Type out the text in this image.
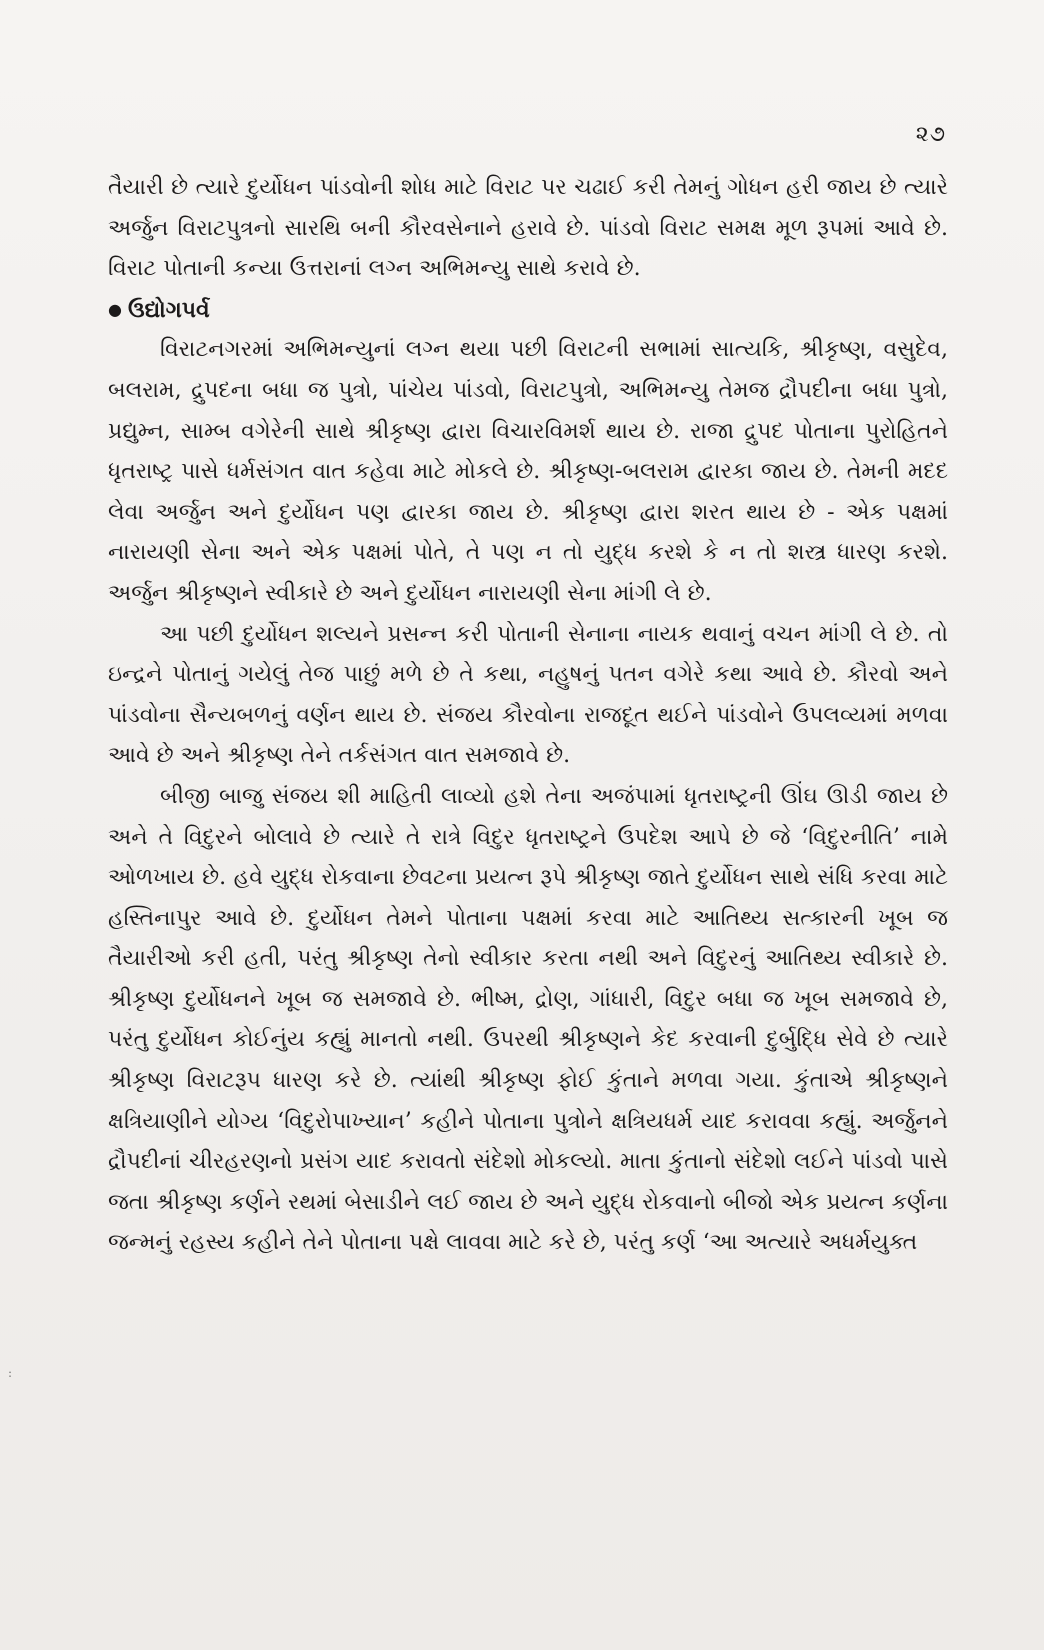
૨૭

તૈયારી છે ત્યારે દુર્યોધન પાંડવોની શોધ માટે વિરાટ પર ચઢાઈ કરી તેમનું ગોધન હરી જાય છે ત્યારે અર્જુન વિરાટપુત્રનો સારથિ બની કૌરવસેનાને હરાવે છે. પાંડવો વિરાટ સમક્ષ મૂળ રૂપમાં આવે છે. વિરાટ પોતાની કન્યા ઉત્તરાનાં લગ્ન અભિમન્યુ સાથે કરાવે છે.

● ઉદ્યોગપર્વ

વિરાટનગરમાં અભિમન્યુનાં લગ્ન થયા પછી વિરાટની સભામાં સાત્યકિ, શ્રીકૃષ્ણ, વસુદેવ, બલરામ, દ્રુપદના બધા જ પુત્રો, પાંચેય પાંડવો, વિરાટપુત્રો, અભિમન્યુ તેમજ દ્રૌપદીના બધા પુત્રો, પ્રદ્યુમ્ન, સામ્બ વગેરેની સાથે શ્રીકૃષ્ણ દ્વારા વિચારવિમર્શ થાય છે. રાજા દ્રુપદ પોતાના પુરોહિતને ધૃતરાષ્ટ્ર પાસે ધર્મસંગત વાત કહેવા માટે મોકલે છે. શ્રીકૃષ્ણ-બલરામ દ્વારકા જાય છે. તેમની મદદ લેવા અર્જુન અને દુર્યોધન પણ દ્વારકા જાય છે. શ્રીકૃષ્ણ દ્વારા શરત થાય છે - એક પક્ષમાં નારાયણી સેના અને એક પક્ષમાં પોતે, તે પણ ન તો યુદ્ધ કરશે કે ન તો શસ્ત્ર ધારણ કરશે. અર્જુન શ્રીકૃષ્ણને સ્વીકારે છે અને દુર્યોધન નારાયણી સેના માંગી લે છે.

આ પછી દુર્યોધન શલ્યને પ્રસન્ન કરી પોતાની સેનાના નાયક થવાનું વચન માંગી લે છે. તો ઇન્દ્રને પોતાનું ગયેલું તેજ પાછું મળે છે તે કથા, નહુષનું પતન વગેરે કથા આવે છે. કૌરવો અને પાંડવોના સૈન્યબળનું વર્ણન થાય છે. સંજય કૌરવોના રાજદૂત થઈને પાંડવોને ઉપલવ્યમાં મળવા આવે છે અને શ્રીકૃષ્ણ તેને તર્કસંગત વાત સમજાવે છે.

બીજી બાજુ સંજય શી માહિતી લાવ્યો હશે તેના અજંપામાં ધૃતરાષ્ટ્રની ઊંઘ ઊડી જાય છે અને તે વિદુરને બોલાવે છે ત્યારે તે રાત્રે વિદુર ધૃતરાષ્ટ્રને ઉપદેશ આપે છે જે ‘વિદુરનીતિ’ નામે ઓળખાય છે. હવે યુદ્ધ રોકવાના છેવટના પ્રયત્ન રૂપે શ્રીકૃષ્ણ જાતે દુર્યોધન સાથે સંધિ કરવા માટે હસ્તિનાપુર આવે છે. દુર્યોધન તેમને પોતાના પક્ષમાં કરવા માટે આતિથ્ય સત્કારની ખૂબ જ તૈયારીઓ કરી હતી, પરંતુ શ્રીકૃષ્ણ તેનો સ્વીકાર કરતા નથી અને વિદુરનું આતિથ્ય સ્વીકારે છે. શ્રીકૃષ્ણ દુર્યોધનને ખૂબ જ સમજાવે છે. ભીષ્મ, દ્રોણ, ગાંધારી, વિદુર બધા જ ખૂબ સમજાવે છે, પરંતુ દુર્યોધન કોઈનુંય કહ્યું માનતો નથી. ઉપરથી શ્રીકૃષ્ણને કેદ કરવાની દુર્બુદ્ધિ સેવે છે ત્યારે શ્રીકૃષ્ણ વિરાટરૂપ ધારણ કરે છે. ત્યાંથી શ્રીકૃષ્ણ ફોઈ કુંતાને મળવા ગયા. કુંતાએ શ્રીકૃષ્ણને ક્ષત્રિયાણીને યોગ્ય ‘વિદુરોપાખ્યાન’ કહીને પોતાના પુત્રોને ક્ષત્રિયધર્મ યાદ કરાવવા કહ્યું. અર્જુનને દ્રૌપદીનાં ચીરહરણનો પ્રસંગ યાદ કરાવતો સંદેશો મોકલ્યો. માતા કુંતાનો સંદેશો લઈને પાંડવો પાસે જતા શ્રીકૃષ્ણ કર્ણને રથમાં બેસાડીને લઈ જાય છે અને યુદ્ધ રોકવાનો બીજો એક પ્રયત્ન કર્ણના જન્મનું રહસ્ય કહીને તેને પોતાના પક્ષે લાવવા માટે કરે છે, પરંતુ કર્ણ ‘આ અત્યારે અધર્મયુક્ત

:
